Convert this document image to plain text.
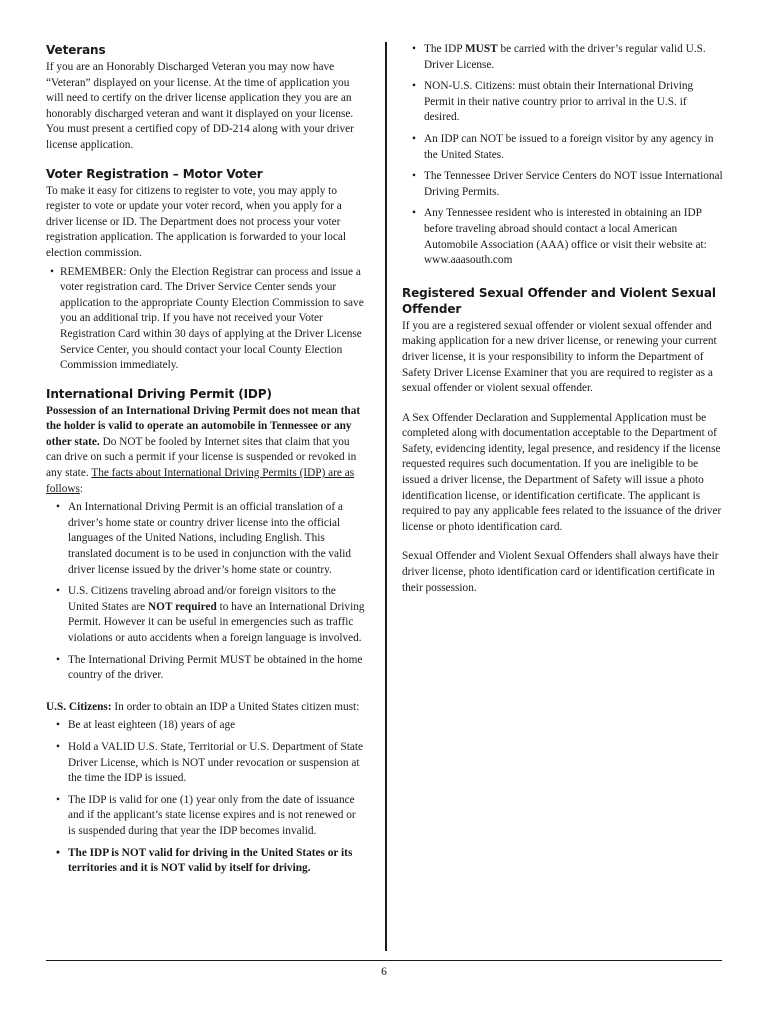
Veterans

If you are an Honorably Discharged Veteran you may now have “Veteran” displayed on your license. At the time of application you will need to certify on the driver license application they you are an honorably discharged veteran and want it displayed on your license. You must present a certified copy of DD-214 along with your driver license application.

Voter Registration – Motor Voter

To make it easy for citizens to register to vote, you may apply to register to vote or update your voter record, when you apply for a driver license or ID. The Department does not process your voter registration application. The application is forwarded to your local election commission.

• REMEMBER: Only the Election Registrar can process and issue a voter registration card. The Driver Service Center sends your application to the appropriate County Election Commission to save you an additional trip. If you have not received your Voter Registration Card within 30 days of applying at the Driver License Service Center, you should contact your local County Election Commission immediately.
International Driving Permit (IDP)

Possession of an International Driving Permit does not mean that the holder is valid to operate an automobile in Tennessee or any other state. Do NOT be fooled by Internet sites that claim that you can drive on such a permit if your license is suspended or revoked in any state. The facts about International Driving Permits (IDP) are as follows:

• An International Driving Permit is an official translation of a driver’s home state or country driver license into the official languages of the United Nations, including English. This translated document is to be used in conjunction with the valid driver license issued by the driver’s home state or country.
• U.S. Citizens traveling abroad and/or foreign visitors to the United States are NOT required to have an International Driving Permit. However it can be useful in emergencies such as traffic violations or auto accidents when a foreign language is involved.
• The International Driving Permit MUST be obtained in the home country of the driver.

U.S. Citizens: In order to obtain an IDP a United States citizen must:

• Be at least eighteen (18) years of age
• Hold a VALID U.S. State, Territorial or U.S. Department of State Driver License, which is NOT under revocation or suspension at the time the IDP is issued.
• The IDP is valid for one (1) year only from the date of issuance and if the applicant’s state license expires and is not renewed or is suspended during that year the IDP becomes invalid.
• The IDP is NOT valid for driving in the United States or its territories and it is NOT valid by itself for driving.
• The IDP MUST be carried with the driver’s regular valid U.S. Driver License.
• NON-U.S. Citizens: must obtain their International Driving Permit in their native country prior to arrival in the U.S. if desired.
• An IDP can NOT be issued to a foreign visitor by any agency in the United States.
• The Tennessee Driver Service Centers do NOT issue International Driving Permits.
• Any Tennessee resident who is interested in obtaining an IDP before traveling abroad should contact a local American Automobile Association (AAA) office or visit their website at: www.aaasouth.com
Registered Sexual Offender and Violent Sexual Offender

If you are a registered sexual offender or violent sexual offender and making application for a new driver license, or renewing your current driver license, it is your responsibility to inform the Department of Safety Driver License Examiner that you are required to register as a sexual offender or violent sexual offender.

A Sex Offender Declaration and Supplemental Application must be completed along with documentation acceptable to the Department of Safety, evidencing identity, legal presence, and residency if the license requested requires such documentation. If you are ineligible to be issued a driver license, the Department of Safety will issue a photo identification license, or identification certificate. The applicant is required to pay any applicable fees related to the issuance of the driver license or photo identification card.

Sexual Offender and Violent Sexual Offenders shall always have their driver license, photo identification card or identification certificate in their possession.

6
